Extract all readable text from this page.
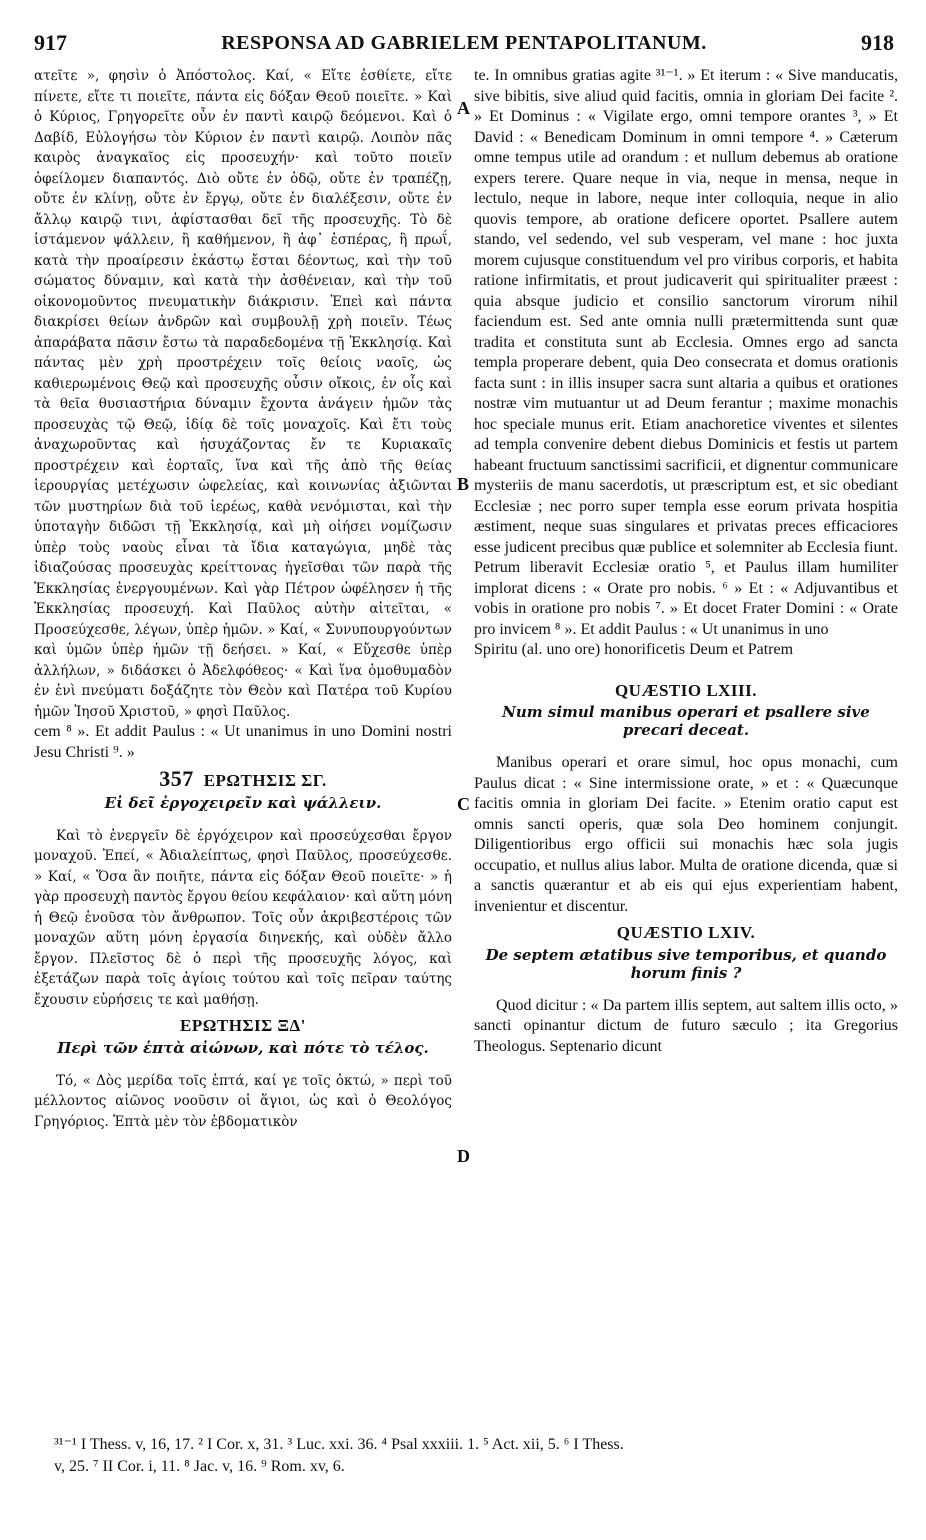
917	RESPONSA AD GABRIELEM PENTAPOLITANUM.	918
A
B
C
D

ατεῖτε », φησὶν ὁ Ἀπόστολος. Καί, « Εἴτε ἐσθίετε, εἴτε πίνετε, εἴτε τι ποιεῖτε, πάντα εἰς δόξαν Θεοῦ ποιεῖτε. » Καὶ ὁ Κύριος, Γρηγορεῖτε οὖν ἐν παντὶ καιρῷ δεόμενοι. Καὶ ὁ Δαβίδ, Εὐλογήσω τὸν Κύριον ἐν παντὶ καιρῷ. Λοιπὸν πᾶς καιρὸς ἀναγκαῖος εἰς προσευχήν· καὶ τοῦτο ποιεῖν ὀφείλομεν διαπαντός. Διὸ οὔτε ἐν ὁδῷ, οὔτε ἐν τραπέζῃ, οὔτε ἐν κλίνῃ, οὔτε ἐν ἔργῳ, οὔτε ἐν διαλέξεσιν, οὔτε ἐν ἄλλῳ καιρῷ τινι, ἀφίστασθαι δεῖ τῆς προσευχῆς. Τὸ δὲ ἱστάμενον ψάλλειν, ἢ καθήμενον, ἢ ἀφ᾽ ἑσπέρας, ἢ πρωΐ, κατὰ τὴν προαίρεσιν ἑκάστῳ ἔσται δέοντως, καὶ τὴν τοῦ σώματος δύναμιν, καὶ κατὰ τὴν ἀσθένειαν, καὶ τὴν τοῦ οἰκονομοῦντος πνευματικὴν διάκρισιν. Ἐπεὶ καὶ πάντα διακρίσει θείων ἀνδρῶν καὶ συμβουλῇ χρὴ ποιεῖν. Τέως ἀπαράβατα πᾶσιν ἔστω τὰ παραδεδομένα τῇ Ἐκκλησίᾳ. Καὶ πάντας μὲν χρὴ προστρέχειν τοῖς θείοις ναοῖς, ὡς καθιερωμένοις Θεῷ καὶ προσευχῆς οὖσιν οἴκοις, ἐν οἷς καὶ τὰ θεῖα θυσιαστήρια δύναμιν ἔχοντα ἀνάγειν ἡμῶν τὰς προσευχὰς τῷ Θεῷ, ἰδίᾳ δὲ τοῖς μοναχοῖς. Καὶ ἔτι τοὺς ἀναχωροῦντας καὶ ἡσυχάζοντας ἔν τε Κυριακαῖς προστρέχειν καὶ ἑορταῖς, ἵνα καὶ τῆς ἀπὸ τῆς θείας ἱερουργίας μετέχωσιν ὠφελείας, καὶ κοινωνίας ἀξιῶνται τῶν μυστηρίων διὰ τοῦ ἱερέως, καθὰ νενόμισται, καὶ τὴν ὑποταγὴν διδῶσι τῇ Ἐκκλησίᾳ, καὶ μὴ οἰήσει νομίζωσιν ὑπὲρ τοὺς ναοὺς εἶναι τὰ ἴδια καταγώγια, μηδὲ τὰς ἰδιαζούσας προσευχὰς κρείττονας ἡγεῖσθαι τῶν παρὰ τῆς Ἐκκλησίας ἐνεργουμένων. Καὶ γὰρ Πέτρον ὠφέλησεν ἡ τῆς Ἐκκλησίας προσευχή. Καὶ Παῦλος αὐτὴν αἰτεῖται, « Προσεύχεσθε, λέγων, ὑπὲρ ἡμῶν. » Καί, « Συνυπουργούντων καὶ ὑμῶν ὑπὲρ ἡμῶν τῇ δεήσει. » Καί, « Εὔχεσθε ὑπὲρ ἀλλήλων, » διδάσκει ὁ Ἀδελφόθεος· « Καὶ ἵνα ὁμοθυμαδὸν ἐν ἑνὶ πνεύματι δοξάζητε τὸν Θεὸν καὶ Πατέρα τοῦ Κυρίου ἡμῶν Ἰησοῦ Χριστοῦ, » φησὶ Παῦλος.

cem ⁸ ». Et addit Paulus : « Ut unanimus in uno Domini nostri Jesu Christi ⁹. »

357 ΕΡΩΤΗΣΙΣ ΣΓ.
Εἰ δεῖ ἐργοχειρεῖν καὶ ψάλλειν.

Καὶ τὸ ἐνεργεῖν δὲ ἐργόχειρον καὶ προσεύχεσθαι ἔργον μοναχοῦ. Ἐπεί, « Ἀδιαλείπτως, φησὶ Παῦλος, προσεύχεσθε. » Καί, « Ὅσα ἂν ποιῆτε, πάντα εἰς δόξαν Θεοῦ ποιεῖτε· » ἡ γὰρ προσευχὴ παντὸς ἔργου θείου κεφάλαιον· καὶ αὕτη μόνη ἡ Θεῷ ἑνοῦσα τὸν ἄνθρωπον. Τοῖς οὖν ἀκριβεστέροις τῶν μοναχῶν αὕτη μόνη ἐργασία διηνεκής, καὶ οὐδὲν ἄλλο ἔργον. Πλεῖστος δὲ ὁ περὶ τῆς προσευχῆς λόγος, καὶ ἐξετάζων παρὰ τοῖς ἁγίοις τούτου καὶ τοῖς πεῖραν ταύτης ἔχουσιν εὑρήσεις τε καὶ μαθήσῃ.

ΕΡΩΤΗΣΙΣ ΞΔ'
Περὶ τῶν ἑπτὰ αἰώνων, καὶ πότε τὸ τέλος.

Τό, « Δὸς μερίδα τοῖς ἑπτά, καί γε τοῖς ὀκτώ, » περὶ τοῦ μέλλοντος αἰῶνος νοοῦσιν οἱ ἅγιοι, ὡς καὶ ὁ Θεολόγος Γρηγόριος. Ἑπτὰ μὲν τὸν ἑβδοματικὸν

te. In omnibus gratias agite ³¹⁻¹. » Et iterum : « Sive manducatis, sive bibitis, sive aliud quid facitis, omnia in gloriam Dei facite ². » Et Dominus : « Vigilate ergo, omni tempore orantes ³, » Et David : « Benedicam Dominum in omni tempore ⁴. » Cæterum omne tempus utile ad orandum : et nullum debemus ab oratione expers terere. Quare neque in via, neque in mensa, neque in lectulo, neque in labore, neque inter colloquia, neque in alio quovis tempore, ab oratione deficere oportet. Psallere autem stando, vel sedendo, vel sub vesperam, vel mane : hoc juxta morem cujusque constituendum vel pro viribus corporis, et habita ratione infirmitatis, et prout judicaverit qui spiritualiter præest : quia absque judicio et consilio sanctorum virorum nihil faciendum est. Sed ante omnia nulli prætermittenda sunt quæ tradita et constituta sunt ab Ecclesia. Omnes ergo ad sancta templa properare debent, quia Deo consecrata et domus orationis facta sunt : in illis insuper sacra sunt altaria a quibus et orationes nostræ vim mutuantur ut ad Deum ferantur ; maxime monachis hoc speciale munus erit. Etiam anachoretice viventes et silentes ad templa convenire debent diebus Dominicis et festis ut partem habeant fructuum sanctissimi sacrificii, et dignentur communicare mysteriis de manu sacerdotis, ut præscriptum est, et sic obediant Ecclesiæ ; nec porro super templa esse eorum privata hospitia æstiment, neque suas singulares et privatas preces efficaciores esse judicent precibus quæ publice et solemniter ab Ecclesia fiunt. Petrum liberavit Ecclesiæ oratio ⁵, et Paulus illam humiliter implorat dicens : « Orate pro nobis. ⁶ » Et : « Adjuvantibus et vobis in oratione pro nobis ⁷. » Et docet Frater Domini : « Orate pro invicem ⁸ ». Et addit Paulus : « Ut unanimus in uno

Spiritu (al. uno ore) honorificetis Deum et Patrem

QUÆSTIO LXIII.
Num simul manibus operari et psallere sive precari deceat.

Manibus operari et orare simul, hoc opus monachi, cum Paulus dicat : « Sine intermissione orate, » et : « Quæcunque facitis omnia in gloriam Dei facite. » Etenim oratio caput est omnis sancti operis, quæ sola Deo hominem conjungit. Diligentioribus ergo officii sui monachis hæc sola jugis occupatio, et nullus alius labor. Multa de oratione dicenda, quæ si a sanctis quærantur et ab eis qui ejus experientiam habent, invenientur et discentur.

QUÆSTIO LXIV.
De septem ætatibus sive temporibus, et quando horum finis ?

Quod dicitur : « Da partem illis septem, aut saltem illis octo, » sancti opinantur dictum de futuro sæculo ; ita Gregorius Theologus. Septenario dicunt

³¹⁻¹ I Thess. v, 16, 17. ² I Cor. x, 31. ³ Luc. xxi. 36. ⁴ Psal xxxiii. 1. ⁵ Act. xii, 5. ⁶ I Thess.
v, 25. ⁷ II Cor. i, 11. ⁸ Jac. v, 16. ⁹ Rom. xv, 6.
